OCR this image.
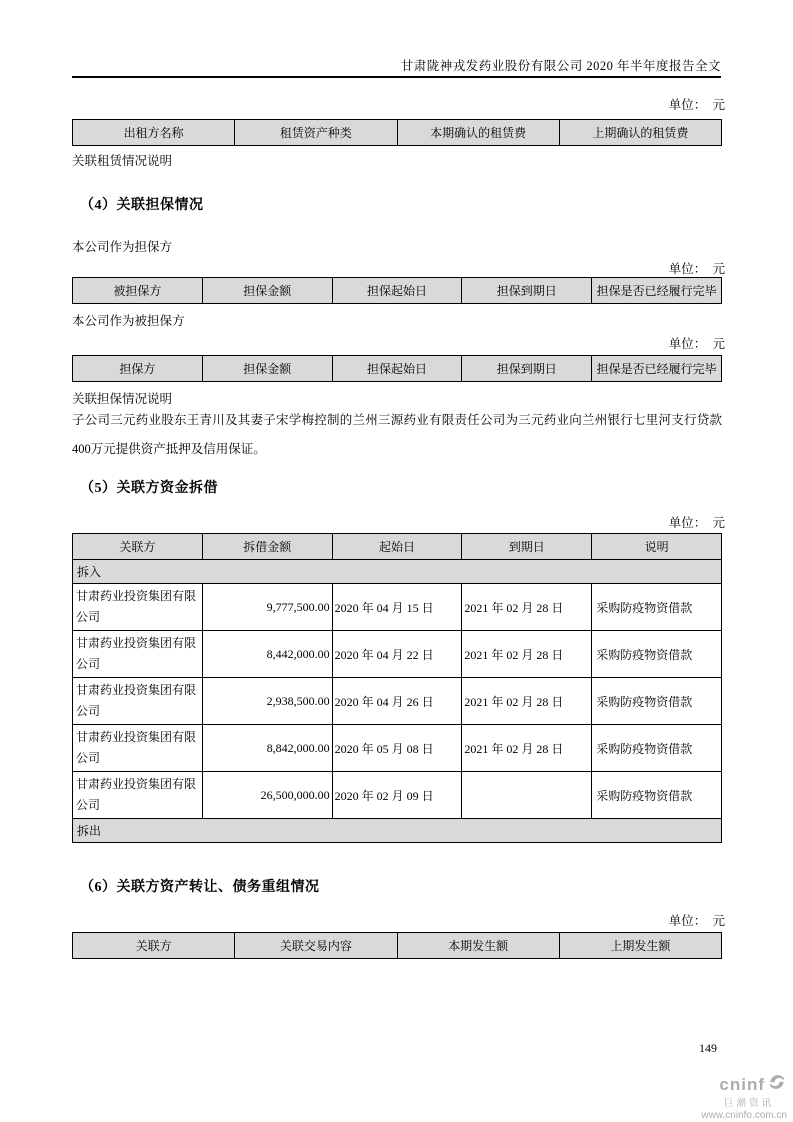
甘肃陇神戎发药业股份有限公司 2020 年半年度报告全文
单位：  元
出租方名称	租赁资产种类	本期确认的租赁费	上期确认的租赁费
关联租赁情况说明
（4）关联担保情况
本公司作为担保方
单位：  元
被担保方	担保金额	担保起始日	担保到期日	担保是否已经履行完毕
本公司作为被担保方
单位：  元
担保方	担保金额	担保起始日	担保到期日	担保是否已经履行完毕
关联担保情况说明
子公司三元药业股东王青川及其妻子宋学梅控制的兰州三源药业有限责任公司为三元药业向兰州银行七里河支行贷款400万元提供资产抵押及信用保证。
（5）关联方资金拆借
单位：  元
关联方	拆借金额	起始日	到期日	说明
拆入				
甘肃药业投资集团有限公司	9,777,500.00	2020 年 04 月 15 日	2021 年 02 月 28 日	采购防疫物资借款
甘肃药业投资集团有限公司	8,442,000.00	2020 年 04 月 22 日	2021 年 02 月 28 日	采购防疫物资借款
甘肃药业投资集团有限公司	2,938,500.00	2020 年 04 月 26 日	2021 年 02 月 28 日	采购防疫物资借款
甘肃药业投资集团有限公司	8,842,000.00	2020 年 05 月 08 日	2021 年 02 月 28 日	采购防疫物资借款
甘肃药业投资集团有限公司	26,500,000.00	2020 年 02 月 09 日		采购防疫物资借款
拆出				
（6）关联方资产转让、债务重组情况
单位：  元
关联方	关联交易内容	本期发生额	上期发生额
149
cninf
巨潮资讯
www.cninfo.com.cn
